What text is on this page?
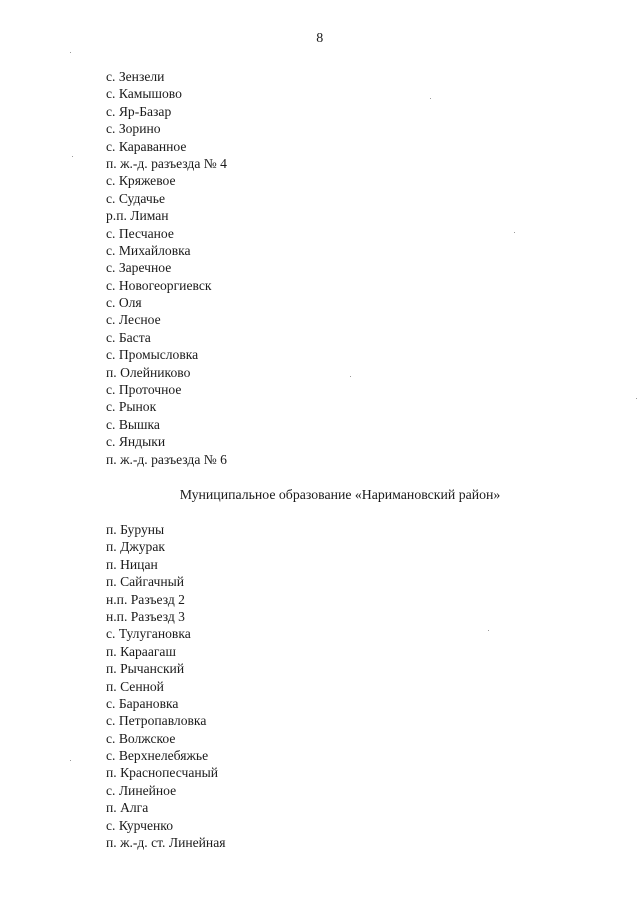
8
с. Зензели
с. Камышово
с. Яр-Базар
с. Зорино
с. Караванное
п. ж.-д. разъезда № 4
с. Кряжевое
с. Судачье
р.п. Лиман
с. Песчаное
с. Михайловка
с. Заречное
с. Новогеоргиевск
с. Оля
с. Лесное
с. Баста
с. Промысловка
п. Олейниково
с. Проточное
с. Рынок
с. Вышка
с. Яндыки
п. ж.-д. разъезда № 6
Муниципальное образование «Наримановский район»
п. Буруны
п. Джурак
п. Ницан
п. Сайгачный
н.п. Разъезд 2
н.п. Разъезд 3
с. Тулугановка
п. Караагаш
п. Рычанский
п. Сенной
с. Барановка
с. Петропавловка
с. Волжское
с. Верхнелебяжье
п. Краснопесчаный
с. Линейное
п. Алга
с. Курченко
п. ж.-д. ст. Линейная
